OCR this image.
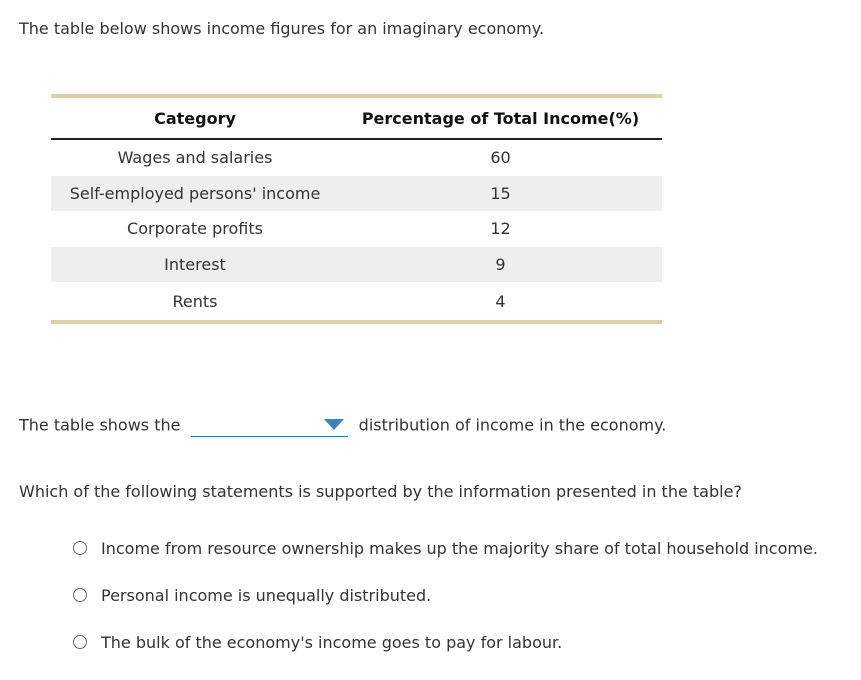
The table below shows income figures for an imaginary economy.

Category	Percentage of Total Income(%)
Wages and salaries	60
Self-employed persons' income	15
Corporate profits	12
Interest	9
Rents	4
The table shows the	distribution of income in the economy.

Which of the following statements is supported by the information presented in the table?

Income from resource ownership makes up the majority share of total household income.
Personal income is unequally distributed.
The bulk of the economy's income goes to pay for labour.
